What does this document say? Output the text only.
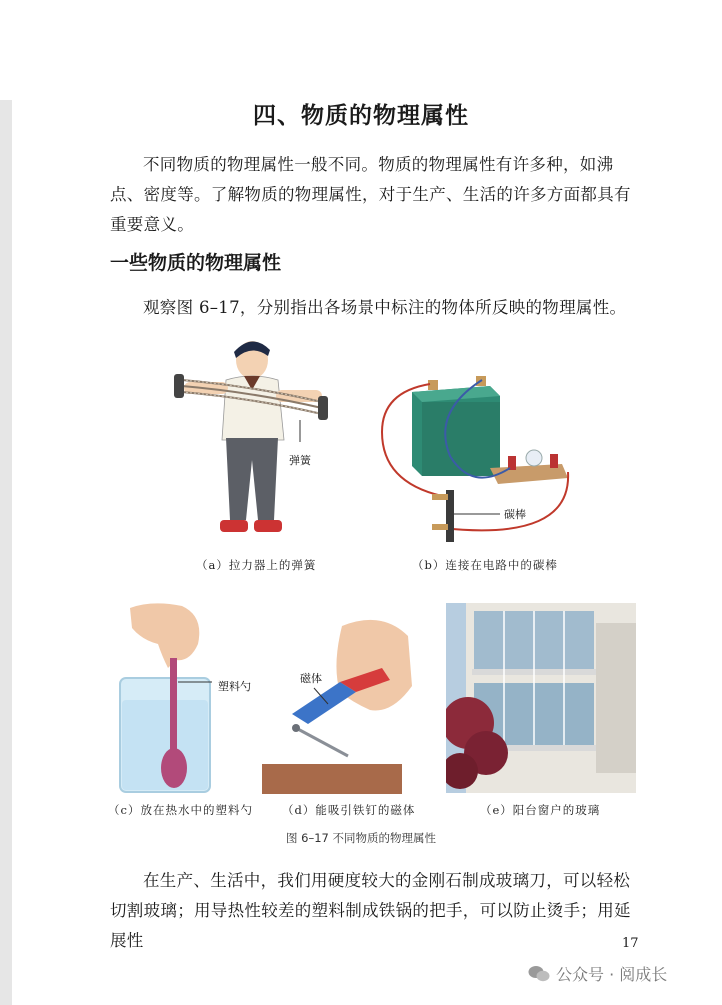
四、物质的物理属性

不同物质的物理属性一般不同。物质的物理属性有许多种，如沸点、密度等。了解物质的物理属性，对于生产、生活的许多方面都具有重要意义。

一些物质的物理属性

观察图 6–17，分别指出各场景中标注的物体所反映的物理属性。

弹簧
碳棒
（a）拉力器上的弹簧	（b）连接在电路中的碳棒
塑料勺
磁体
（c）放在热水中的塑料勺	（d）能吸引铁钉的磁体	（e）阳台窗户的玻璃
图 6–17 不同物质的物理属性

在生产、生活中，我们用硬度较大的金刚石制成玻璃刀，可以轻松切割玻璃；用导热性较差的塑料制成铁锅的把手，可以防止烫手；用延展性	17
公众号 · 阅成长
